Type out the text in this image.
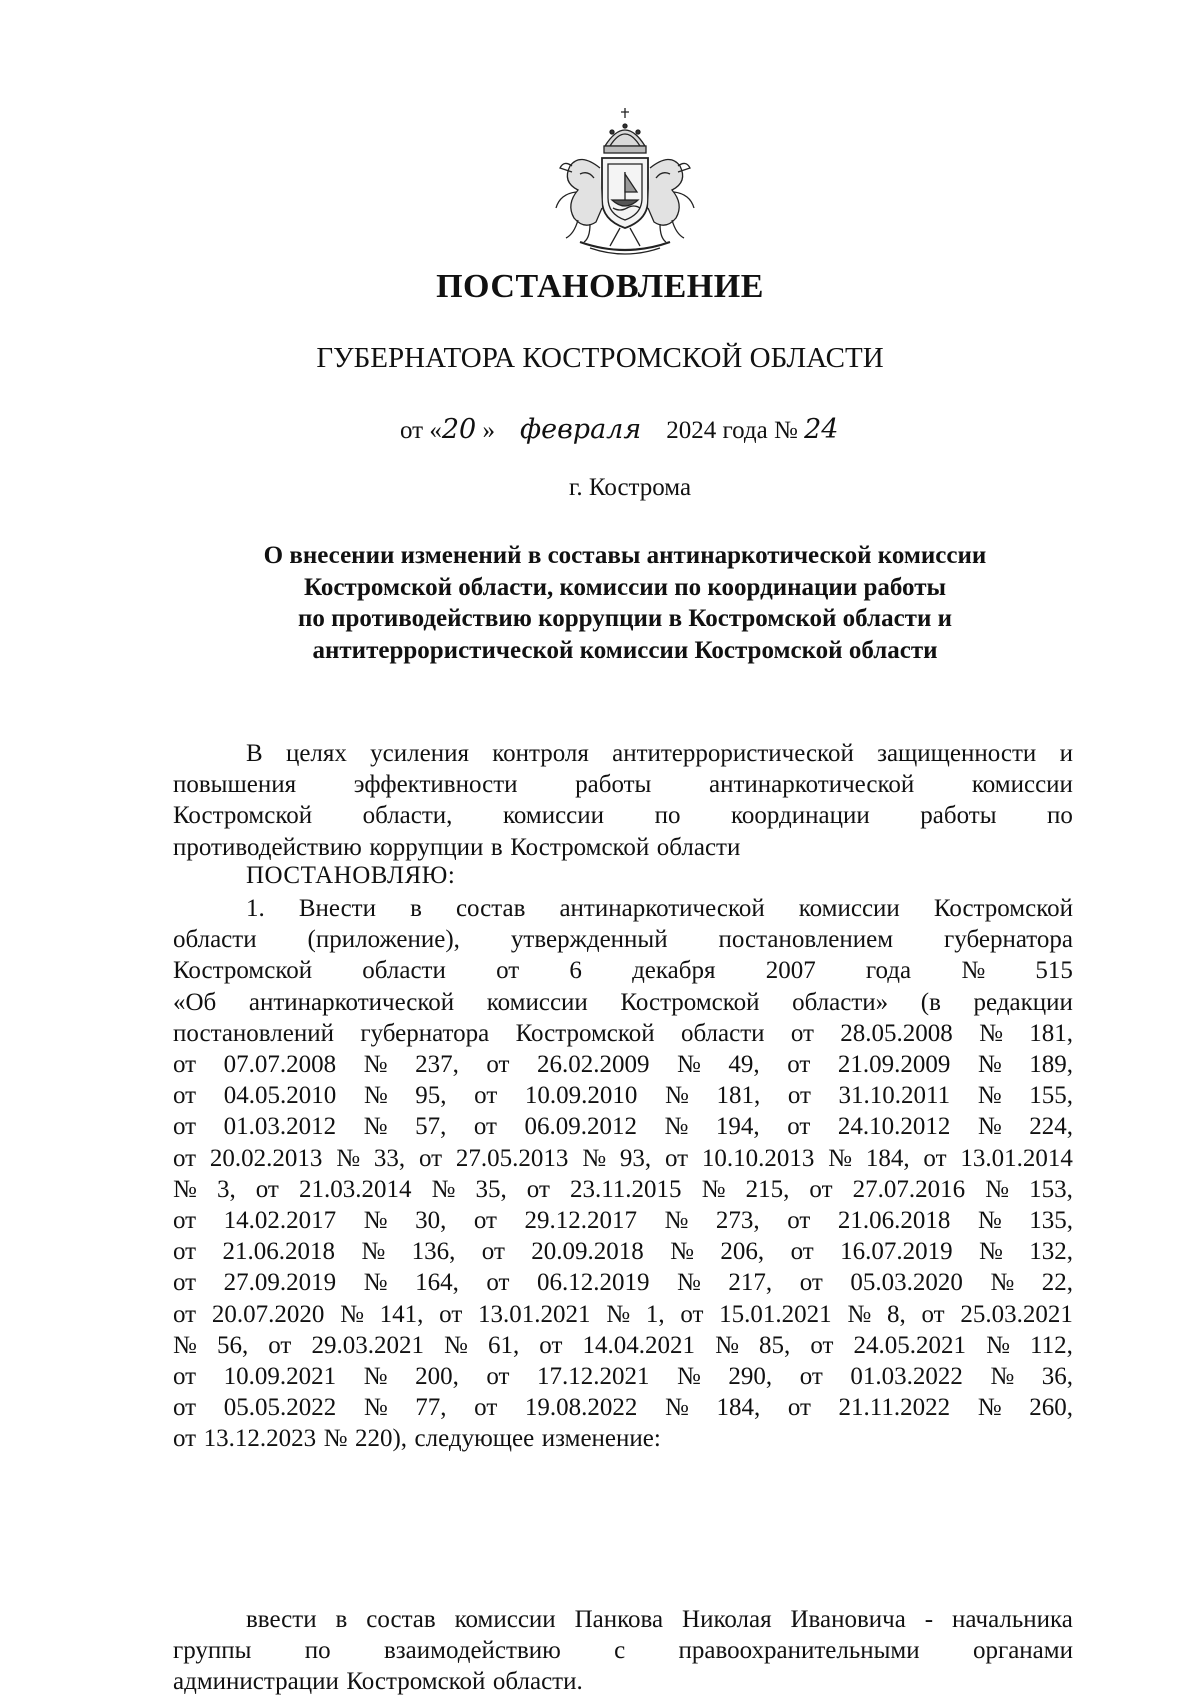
ПОСТАНОВЛЕНИЕ
ГУБЕРНАТОРА КОСТРОМСКОЙ ОБЛАСТИ
от «20 » февраля 2024 года № 24
г. Кострома
О внесении изменений в составы антинаркотической комиссии
Костромской области, комиссии по координации работы
по противодействию коррупции в Костромской области и
антитеррористической комиссии Костромской области
В целях усиления контроля антитеррористической защищенности и
повышения эффективности работы антинаркотической комиссии
Костромской области, комиссии по координации работы по
противодействию коррупции в Костромской области
ПОСТАНОВЛЯЮ:
1. Внести в состав антинаркотической комиссии Костромской
области (приложение), утвержденный постановлением губернатора
Костромской области от 6 декабря 2007 года № 515
«Об антинаркотической комиссии Костромской области» (в редакции
постановлений губернатора Костромской области от 28.05.2008 № 181,
от 07.07.2008 № 237, от 26.02.2009 № 49, от 21.09.2009 № 189,
от 04.05.2010 № 95, от 10.09.2010 № 181, от 31.10.2011 № 155,
от 01.03.2012 № 57, от 06.09.2012 № 194, от 24.10.2012 № 224,
от 20.02.2013 № 33, от 27.05.2013 № 93, от 10.10.2013 № 184, от 13.01.2014
№ 3, от 21.03.2014 № 35, от 23.11.2015 № 215, от 27.07.2016 № 153,
от 14.02.2017 № 30, от 29.12.2017 № 273, от 21.06.2018 № 135,
от 21.06.2018 № 136, от 20.09.2018 № 206, от 16.07.2019 № 132,
от 27.09.2019 № 164, от 06.12.2019 № 217, от 05.03.2020 № 22,
от 20.07.2020 № 141, от 13.01.2021 № 1, от 15.01.2021 № 8, от 25.03.2021
№ 56, от 29.03.2021 № 61, от 14.04.2021 № 85, от 24.05.2021 № 112,
от 10.09.2021 № 200, от 17.12.2021 № 290, от 01.03.2022 № 36,
от 05.05.2022 № 77, от 19.08.2022 № 184, от 21.11.2022 № 260,
от 13.12.2023 № 220), следующее изменение:
ввести в состав комиссии Панкова Николая Ивановича - начальника
группы по взаимодействию с правоохранительными органами
администрации Костромской области.
